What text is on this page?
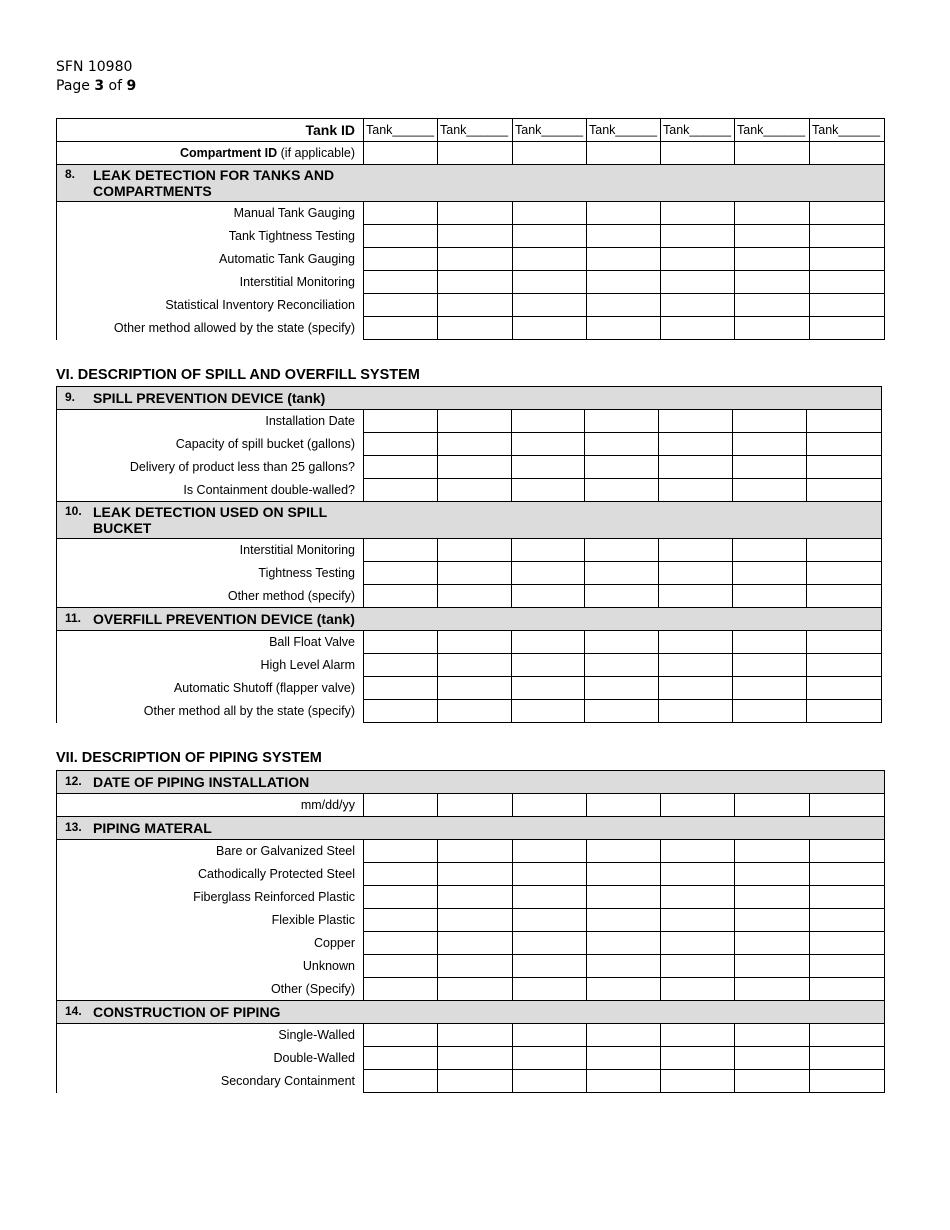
SFN 10980
Page 3 of 9
Tank ID	Tank______	Tank______	Tank______	Tank______	Tank______	Tank______	Tank______
Compartment ID (if applicable)							
8. LEAK DETECTION FOR TANKS AND
COMPARTMENTS							
Manual Tank Gauging							
Tank Tightness Testing							
Automatic Tank Gauging							
Interstitial Monitoring							
Statistical Inventory Reconciliation							
Other method allowed by the state (specify)							
VI. DESCRIPTION OF SPILL AND OVERFILL SYSTEM
9. SPILL PREVENTION DEVICE (tank)							
Installation Date							
Capacity of spill bucket (gallons)							
Delivery of product less than 25 gallons?							
Is Containment double-walled?							
10. LEAK DETECTION USED ON SPILL
BUCKET							
Interstitial Monitoring							
Tightness Testing							
Other method (specify)							
11. OVERFILL PREVENTION DEVICE (tank)							
Ball Float Valve							
High Level Alarm							
Automatic Shutoff (flapper valve)							
Other method all by the state (specify)							
VII. DESCRIPTION OF PIPING SYSTEM
12. DATE OF PIPING INSTALLATION							
mm/dd/yy							
13. PIPING MATERAL							
Bare or Galvanized Steel							
Cathodically Protected Steel							
Fiberglass Reinforced Plastic							
Flexible Plastic							
Copper							
Unknown							
Other (Specify)							
14. CONSTRUCTION OF PIPING							
Single-Walled							
Double-Walled							
Secondary Containment							
